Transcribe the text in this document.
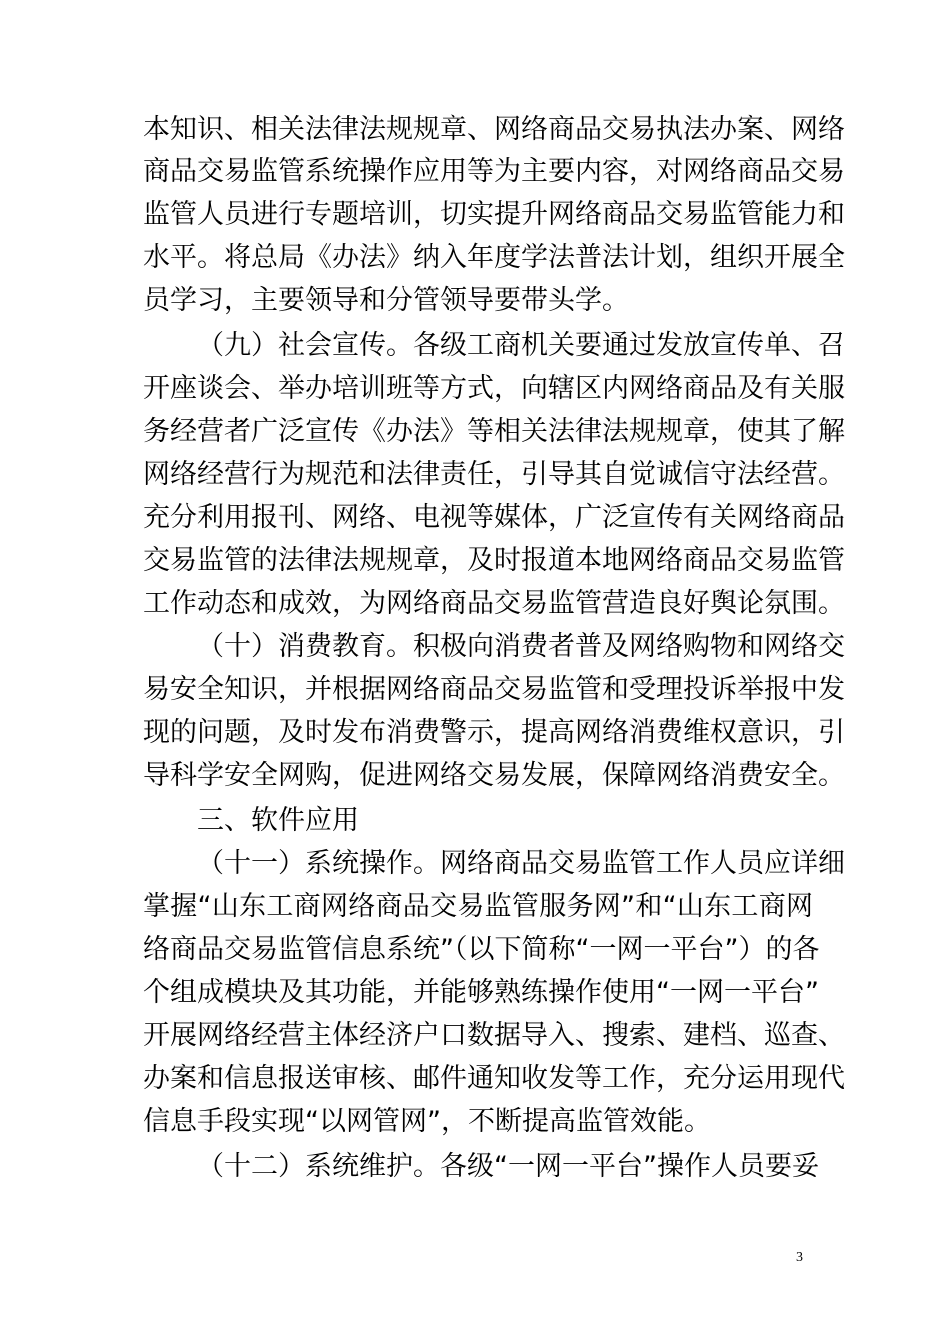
本知识、相关法律法规规章、网络商品交易执法办案、网络
商品交易监管系统操作应用等为主要内容，对网络商品交易
监管人员进行专题培训，切实提升网络商品交易监管能力和
水平。将总局《办法》纳入年度学法普法计划，组织开展全
员学习，主要领导和分管领导要带头学。
（九）社会宣传。各级工商机关要通过发放宣传单、召
开座谈会、举办培训班等方式，向辖区内网络商品及有关服
务经营者广泛宣传《办法》等相关法律法规规章，使其了解
网络经营行为规范和法律责任，引导其自觉诚信守法经营。
充分利用报刊、网络、电视等媒体，广泛宣传有关网络商品
交易监管的法律法规规章，及时报道本地网络商品交易监管
工作动态和成效，为网络商品交易监管营造良好舆论氛围。
（十）消费教育。积极向消费者普及网络购物和网络交
易安全知识，并根据网络商品交易监管和受理投诉举报中发
现的问题，及时发布消费警示，提高网络消费维权意识，引
导科学安全网购，促进网络交易发展，保障网络消费安全。
三、软件应用
（十一）系统操作。网络商品交易监管工作人员应详细
掌握“山东工商网络商品交易监管服务网”和“山东工商网
络商品交易监管信息系统”（以下简称“一网一平台”）的各
个组成模块及其功能，并能够熟练操作使用“一网一平台”
开展网络经营主体经济户口数据导入、搜索、建档、巡查、
办案和信息报送审核、邮件通知收发等工作，充分运用现代
信息手段实现“以网管网”，不断提高监管效能。
（十二）系统维护。各级“一网一平台”操作人员要妥
3
